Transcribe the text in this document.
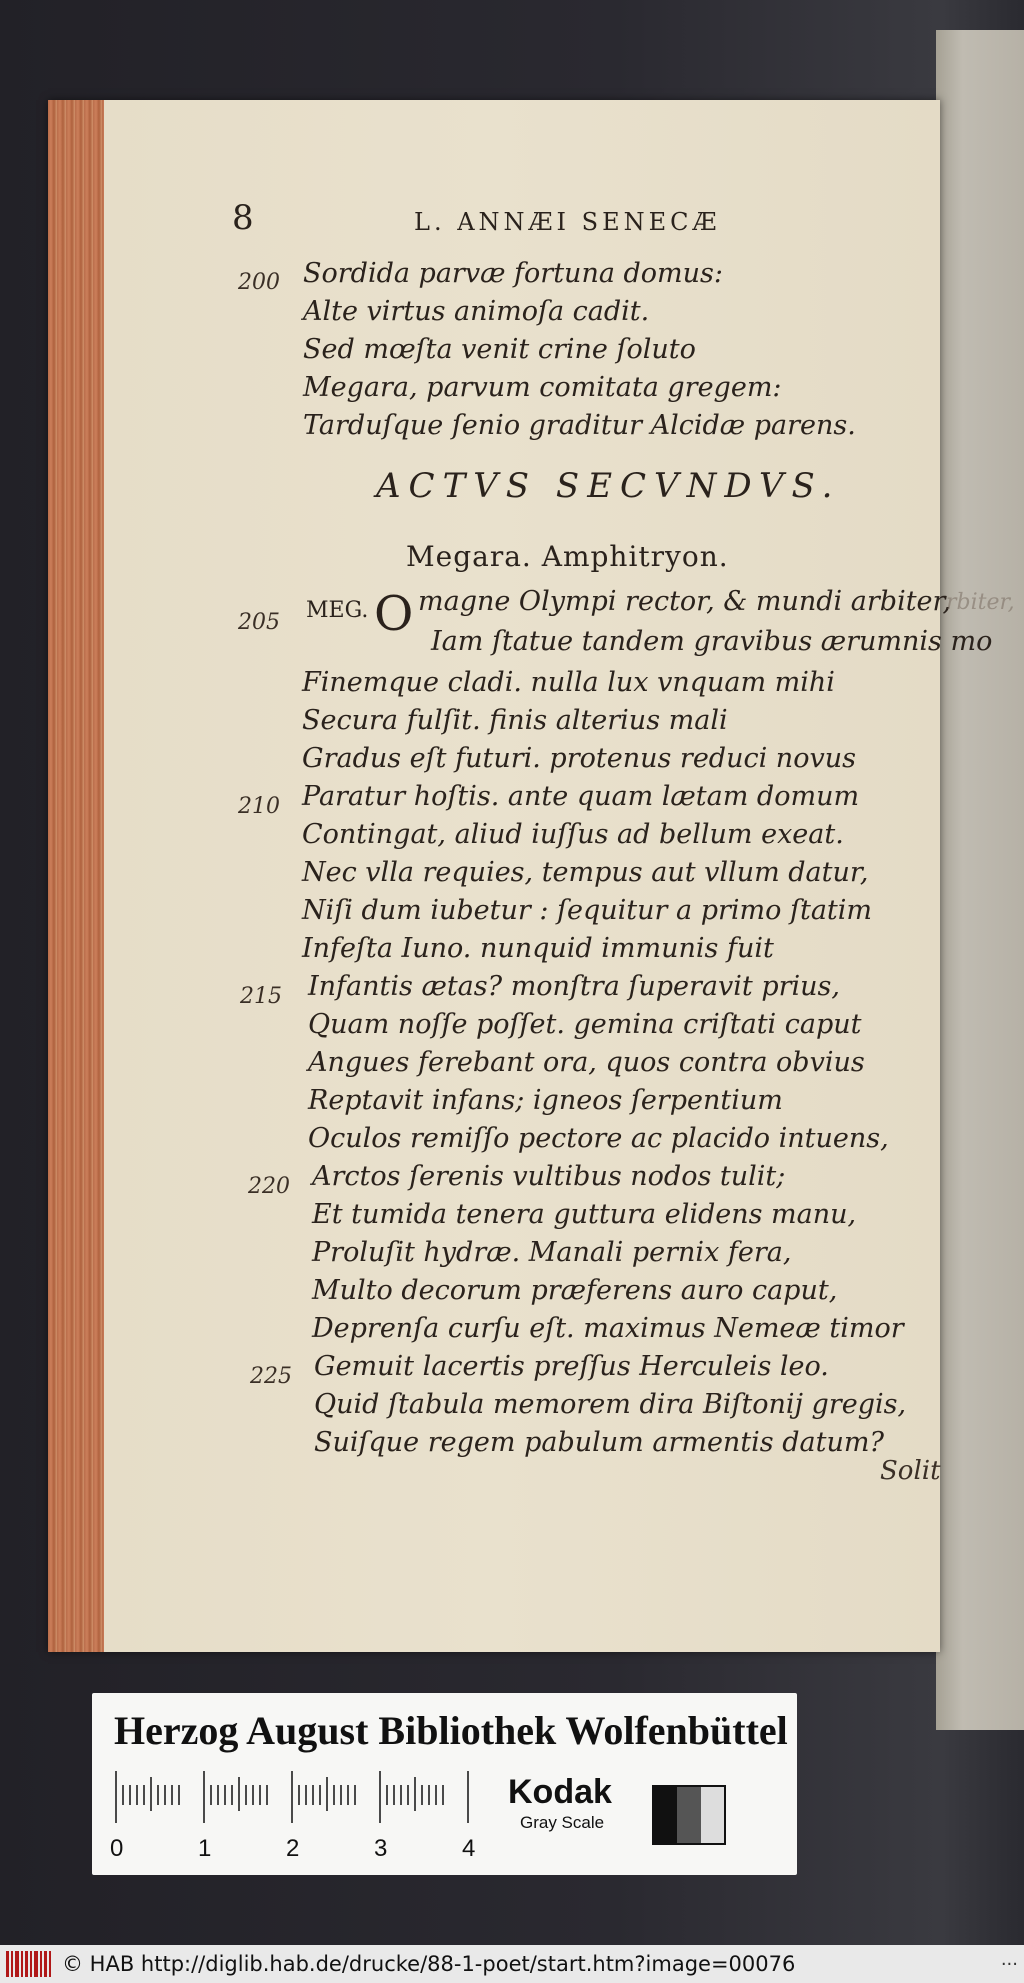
8	L. ANNÆI SENECÆ
200 Sordida parvæ fortuna domus:
Alte virtus animoſa cadit.
Sed mœſta venit crine ſoluto
Megara, parvum comitata gregem:
Tarduſque ſenio graditur Alcidæ parens.
ACTVS SECVNDVS.
Megara. Amphitryon.
205 MEG. O magne Olympi rector, & mundi arbiter,
rbiter,
Iam ſtatue tandem gravibus ærumnis mo
Finemque cladi. nulla lux vnquam mihi
Secura fulſit. finis alterius mali
Gradus eſt futuri. protenus reduci novus
210 Paratur hoſtis. ante quam lætam domum
Contingat, aliud iuſſus ad bellum exeat.
Nec vlla requies, tempus aut vllum datur,
Niſi dum iubetur : ſequitur a primo ſtatim
Infeſta Iuno. nunquid immunis fuit
215 Infantis ætas? monſtra ſuperavit prius,
Quam noſſe poſſet. gemina criſtati caput
Angues ferebant ora, quos contra obvius
Reptavit infans; igneos ſerpentium
Oculos remiſſo pectore ac placido intuens,
220 Arctos ſerenis vultibus nodos tulit;
Et tumida tenera guttura elidens manu,
Proluſit hydræ. Manali pernix fera,
Multo decorum præferens auro caput,
Deprenſa curſu eſt. maximus Nemeæ timor
225 Gemuit lacertis preſſus Herculeis leo.
Quid ſtabula memorem dira Biſtonij gregis,
Suiſque regem pabulum armentis datum?
Solit
Herzog August Bibliothek Wolfenbüttel
0	1	2	3	4
Kodak
Gray Scale
© HAB http://diglib.hab.de/drucke/88-1-poet/start.htm?image=00076	...
